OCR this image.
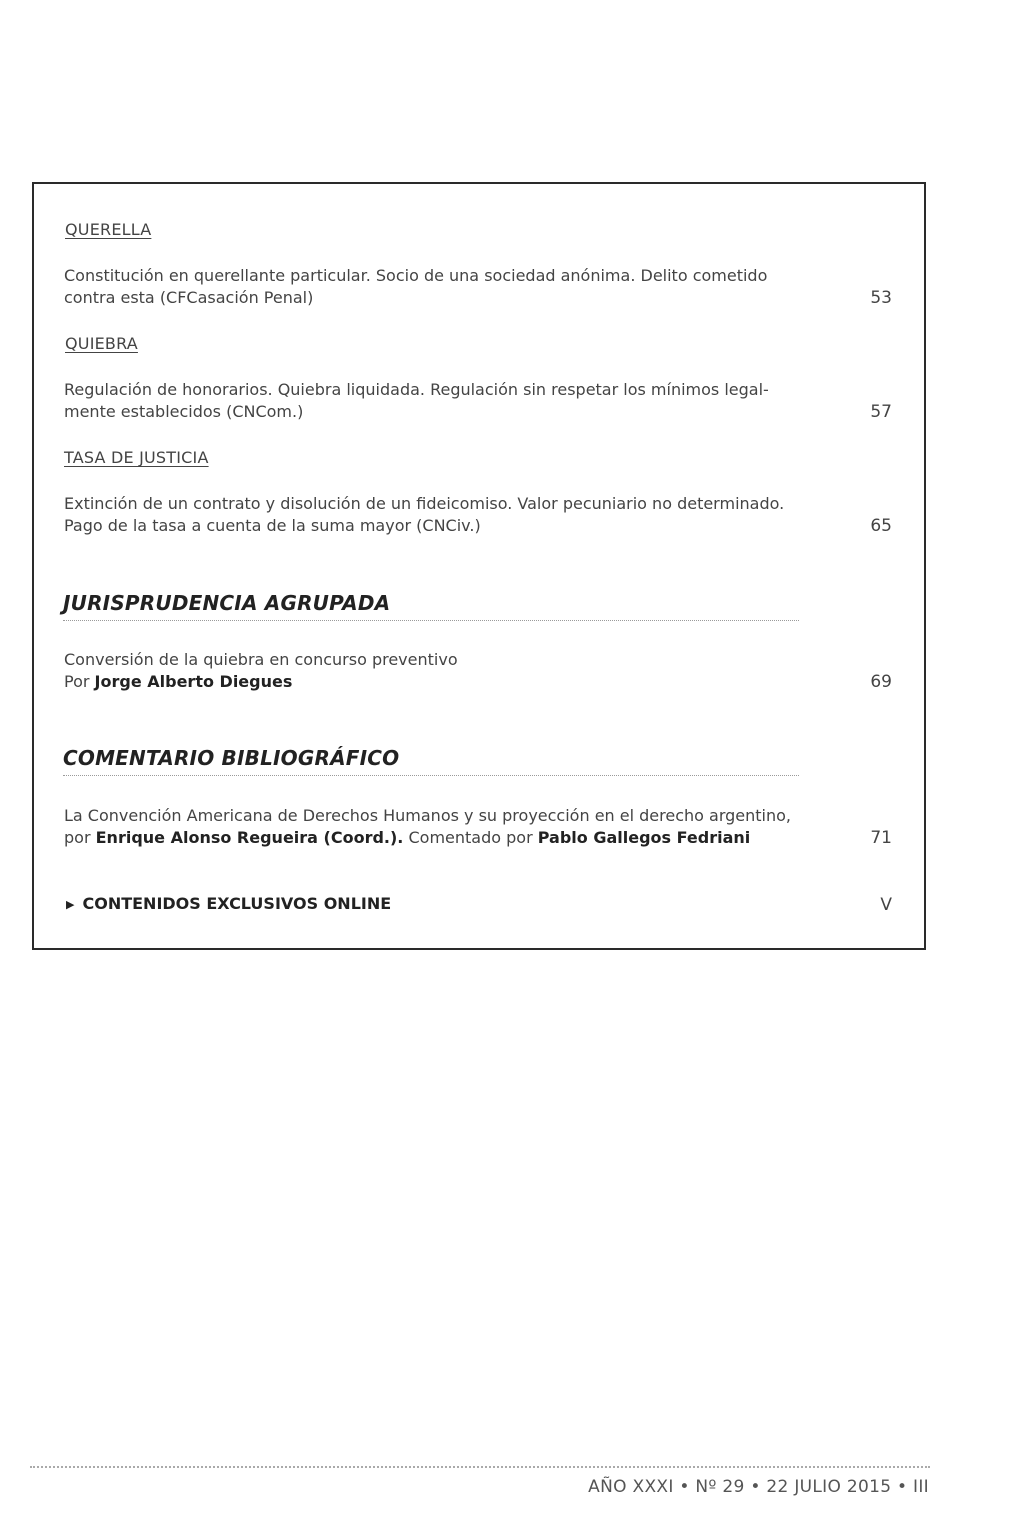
QUERELLA
Constitución en querellante particular. Socio de una sociedad anónima. Delito cometido
contra esta (CFCasación Penal)	53
QUIEBRA
Regulación de honorarios. Quiebra liquidada. Regulación sin respetar los mínimos legal-
mente establecidos (CNCom.)	57
TASA DE JUSTICIA
Extinción de un contrato y disolución de un fideicomiso. Valor pecuniario no determinado.
Pago de la tasa a cuenta de la suma mayor (CNCiv.)	65
JURISPRUDENCIA AGRUPADA
Conversión de la quiebra en concurso preventivo
Por Jorge Alberto Diegues	69
COMENTARIO BIBLIOGRÁFICO
La Convención Americana de Derechos Humanos y su proyección en el derecho argentino,
por Enrique Alonso Regueira (Coord.). Comentado por Pablo Gallegos Fedriani	71
▶ CONTENIDOS EXCLUSIVOS ONLINE	V
AÑO XXXI • Nº 29 • 22 JULIO 2015 • III
